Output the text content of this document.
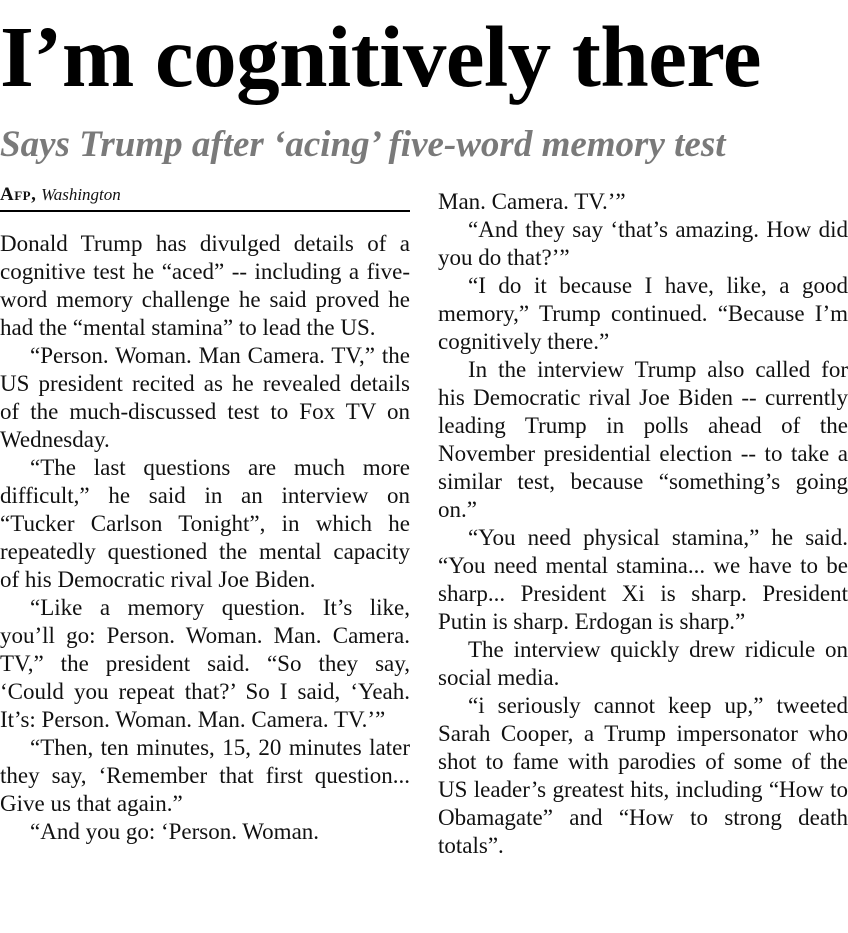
I’m cognitively there
Says Trump after ‘acing’ five-word memory test
Afp, Washington

Donald Trump has divulged details of a cognitive test he “aced” -- including a five-word memory challenge he said proved he had the “mental stamina” to lead the US.

“Person. Woman. Man Camera. TV,” the US president recited as he revealed details of the much-discussed test to Fox TV on Wednesday.

“The last questions are much more difficult,” he said in an interview on “Tucker Carlson Tonight”, in which he repeatedly questioned the mental capacity of his Democratic rival Joe Biden.

“Like a memory question. It’s like, you’ll go: Person. Woman. Man. Camera. TV,” the president said. “So they say, ‘Could you repeat that?’ So I said, ‘Yeah. It’s: Person. Woman. Man. Camera. TV.’”

“Then, ten minutes, 15, 20 minutes later they say, ‘Remember that first question... Give us that again.”

“And you go: ‘Person. Woman.

Man. Camera. TV.’”

“And they say ‘that’s amazing. How did you do that?’”

“I do it because I have, like, a good memory,” Trump continued. “Because I’m cognitively there.”

In the interview Trump also called for his Democratic rival Joe Biden -- currently leading Trump in polls ahead of the November presidential election -- to take a similar test, because “something’s going on.”

“You need physical stamina,” he said. “You need mental stamina... we have to be sharp... President Xi is sharp. President Putin is sharp. Erdogan is sharp.”

The interview quickly drew ridicule on social media.

“i seriously cannot keep up,” tweeted Sarah Cooper, a Trump impersonator who shot to fame with parodies of some of the US leader’s greatest hits, including “How to Obamagate” and “How to strong death totals”.
